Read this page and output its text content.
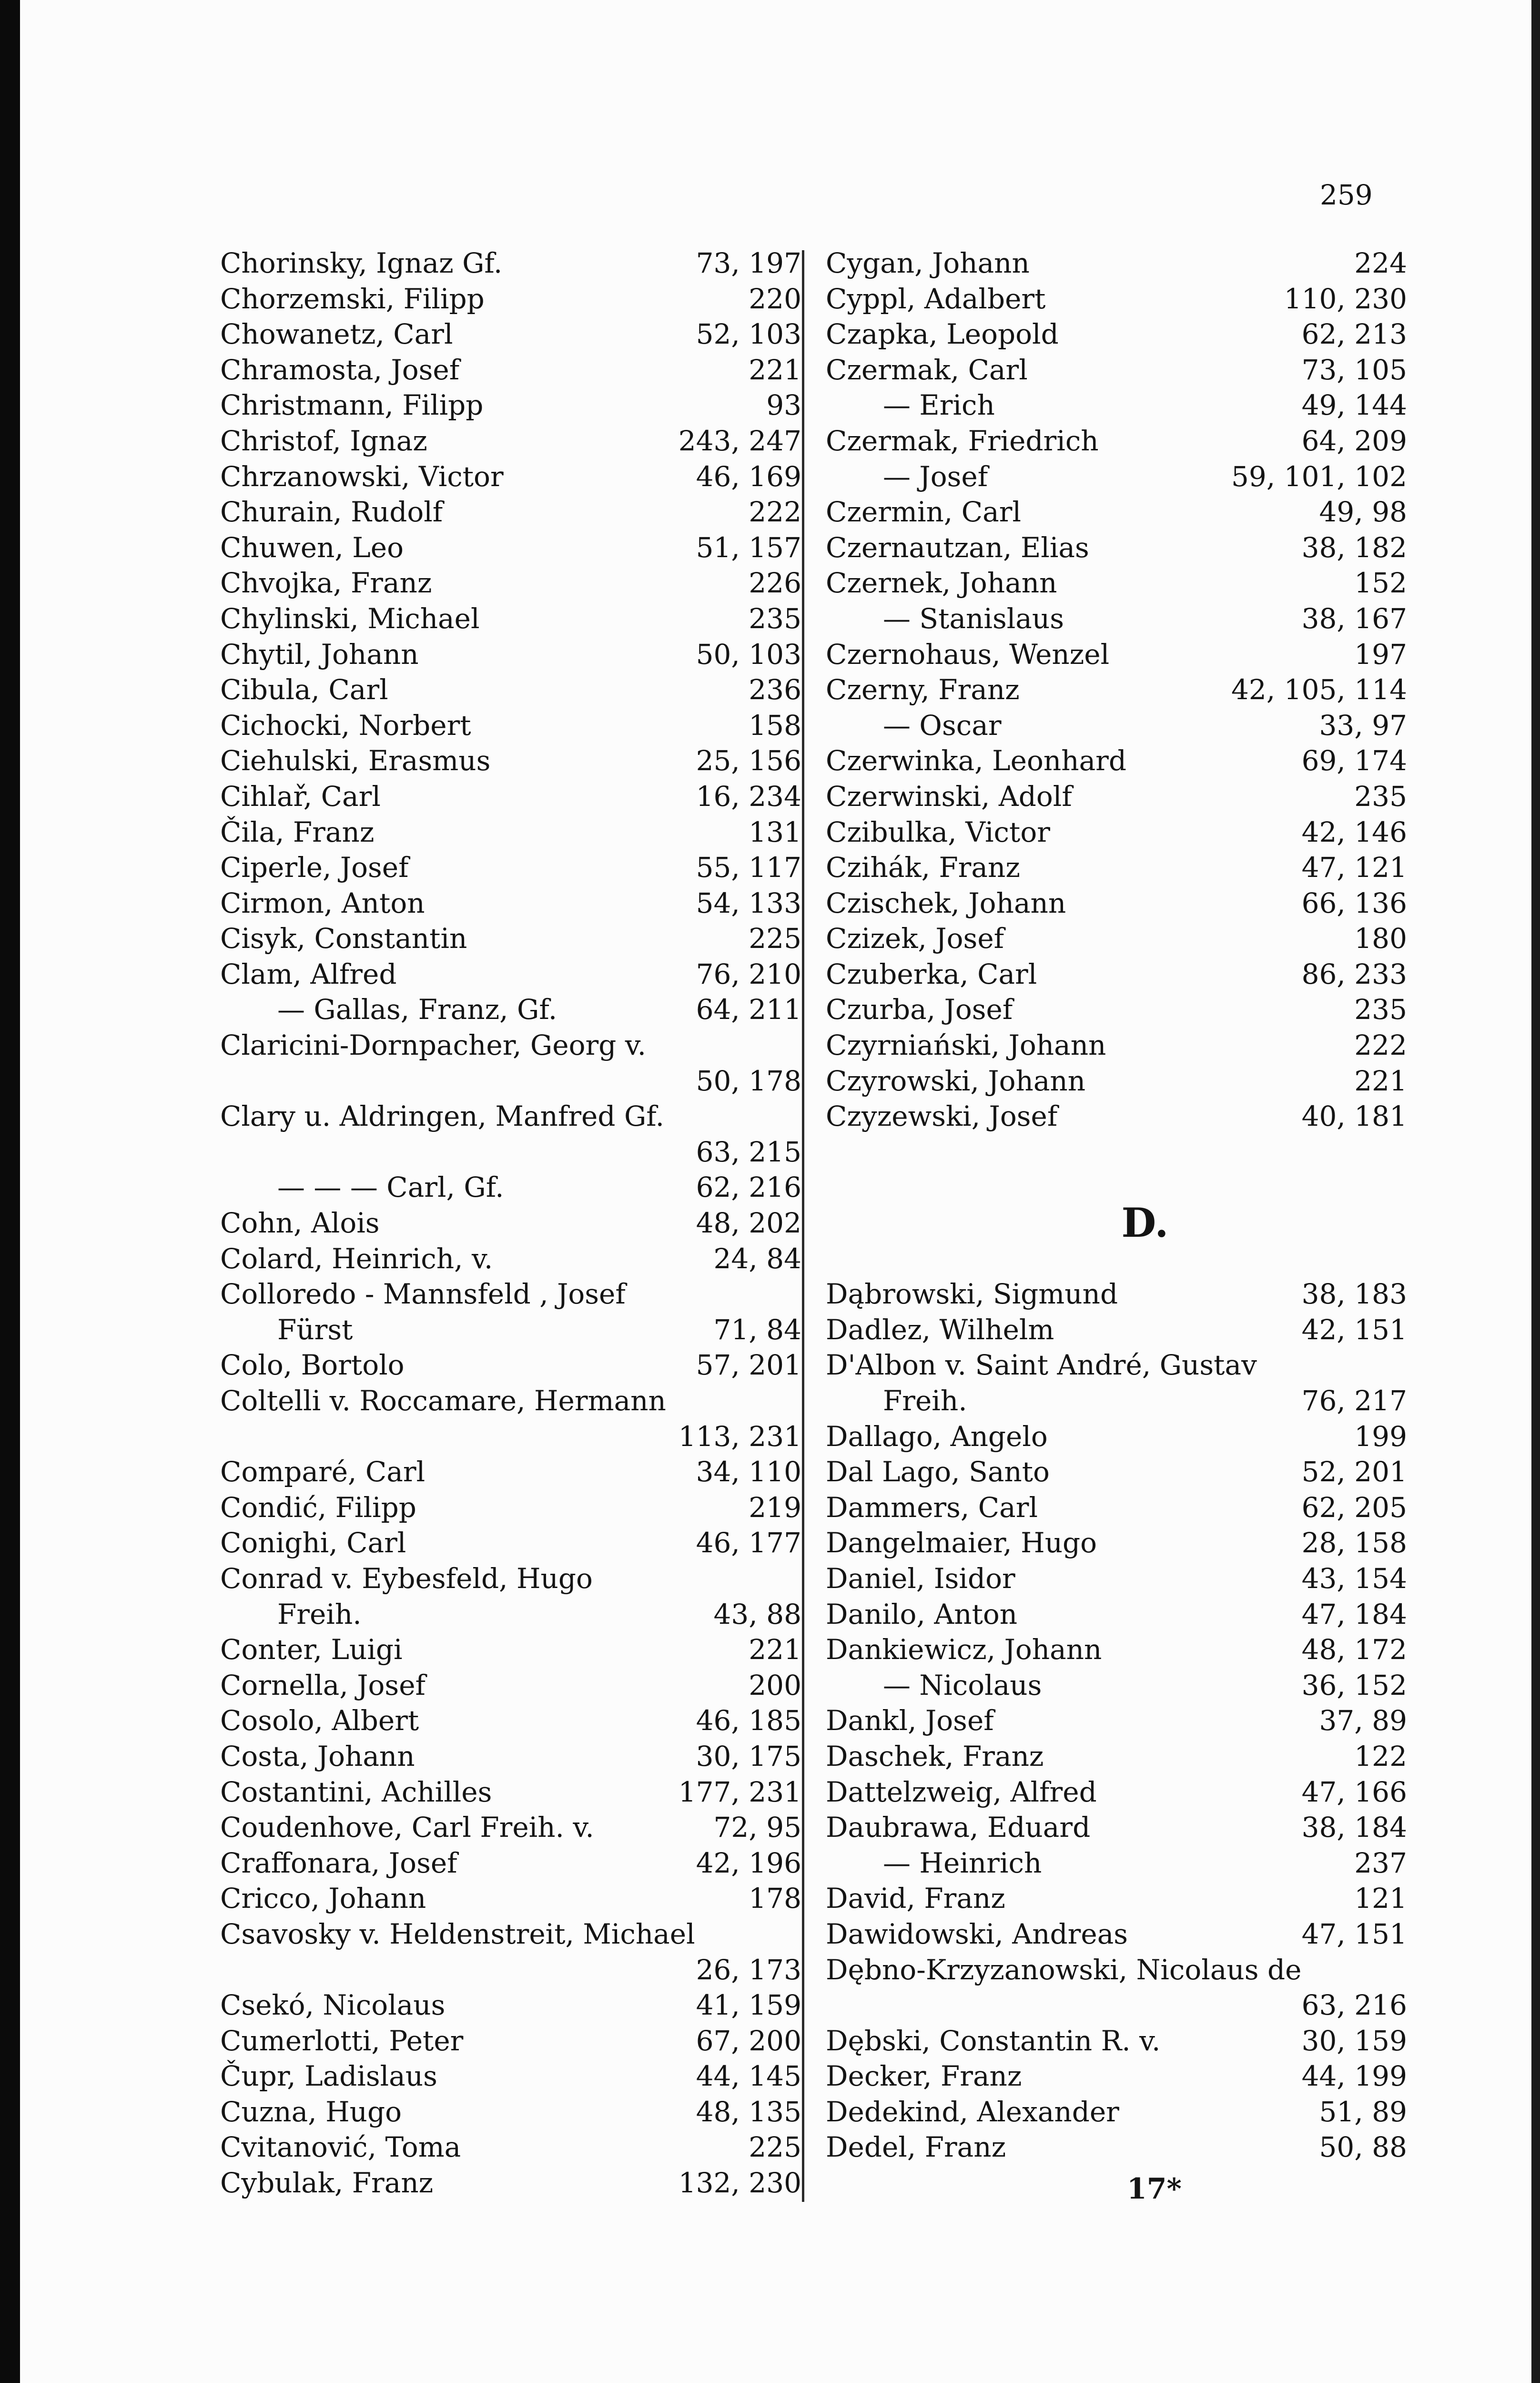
259
Chorinsky, Ignaz Gf.	73, 197
Chorzemski, Filipp	220
Chowanetz, Carl	52, 103
Chramosta, Josef	221
Christmann, Filipp	93
Christof, Ignaz	243, 247
Chrzanowski, Victor	46, 169
Churain, Rudolf	222
Chuwen, Leo	51, 157
Chvojka, Franz	226
Chylinski, Michael	235
Chytil, Johann	50, 103
Cibula, Carl	236
Cichocki, Norbert	158
Ciehulski, Erasmus	25, 156
Cihlař, Carl	16, 234
Čila, Franz	131
Ciperle, Josef	55, 117
Cirmon, Anton	54, 133
Cisyk, Constantin	225
Clam, Alfred	76, 210
— Gallas, Franz, Gf.	64, 211
Claricini-Dornpacher, Georg v.
50, 178
Clary u. Aldringen, Manfred Gf.
63, 215
— — — Carl, Gf.	62, 216
Cohn, Alois	48, 202
Colard, Heinrich, v.	24, 84
Colloredo - Mannsfeld , Josef
Fürst	71, 84
Colo, Bortolo	57, 201
Coltelli v. Roccamare, Hermann
113, 231
Comparé, Carl	34, 110
Condić, Filipp	219
Conighi, Carl	46, 177
Conrad v. Eybesfeld, Hugo
Freih.	43, 88
Conter, Luigi	221
Cornella, Josef	200
Cosolo, Albert	46, 185
Costa, Johann	30, 175
Costantini, Achilles	177, 231
Coudenhove, Carl Freih. v.	72, 95
Craffonara, Josef	42, 196
Cricco, Johann	178
Csavosky v. Heldenstreit, Michael
26, 173
Csekó, Nicolaus	41, 159
Cumerlotti, Peter	67, 200
Čupr, Ladislaus	44, 145
Cuzna, Hugo	48, 135
Cvitanović, Toma	225
Cybulak, Franz	132, 230
Cygan, Johann	224
Cyppl, Adalbert	110, 230
Czapka, Leopold	62, 213
Czermak, Carl	73, 105
— Erich	49, 144
Czermak, Friedrich	64, 209
— Josef	59, 101, 102
Czermin, Carl	49, 98
Czernautzan, Elias	38, 182
Czernek, Johann	152
— Stanislaus	38, 167
Czernohaus, Wenzel	197
Czerny, Franz	42, 105, 114
— Oscar	33, 97
Czerwinka, Leonhard	69, 174
Czerwinski, Adolf	235
Czibulka, Victor	42, 146
Czihák, Franz	47, 121
Czischek, Johann	66, 136
Czizek, Josef	180
Czuberka, Carl	86, 233
Czurba, Josef	235
Czyrniański, Johann	222
Czyrowski, Johann	221
Czyzewski, Josef	40, 181
D.
Dąbrowski, Sigmund	38, 183
Dadlez, Wilhelm	42, 151
D'Albon v. Saint André, Gustav
Freih.	76, 217
Dallago, Angelo	199
Dal Lago, Santo	52, 201
Dammers, Carl	62, 205
Dangelmaier, Hugo	28, 158
Daniel, Isidor	43, 154
Danilo, Anton	47, 184
Dankiewicz, Johann	48, 172
— Nicolaus	36, 152
Dankl, Josef	37, 89
Daschek, Franz	122
Dattelzweig, Alfred	47, 166
Daubrawa, Eduard	38, 184
— Heinrich	237
David, Franz	121
Dawidowski, Andreas	47, 151
Dębno-Krzyzanowski, Nicolaus de
63, 216
Dębski, Constantin R. v.	30, 159
Decker, Franz	44, 199
Dedekind, Alexander	51, 89
Dedel, Franz	50, 88
17*
